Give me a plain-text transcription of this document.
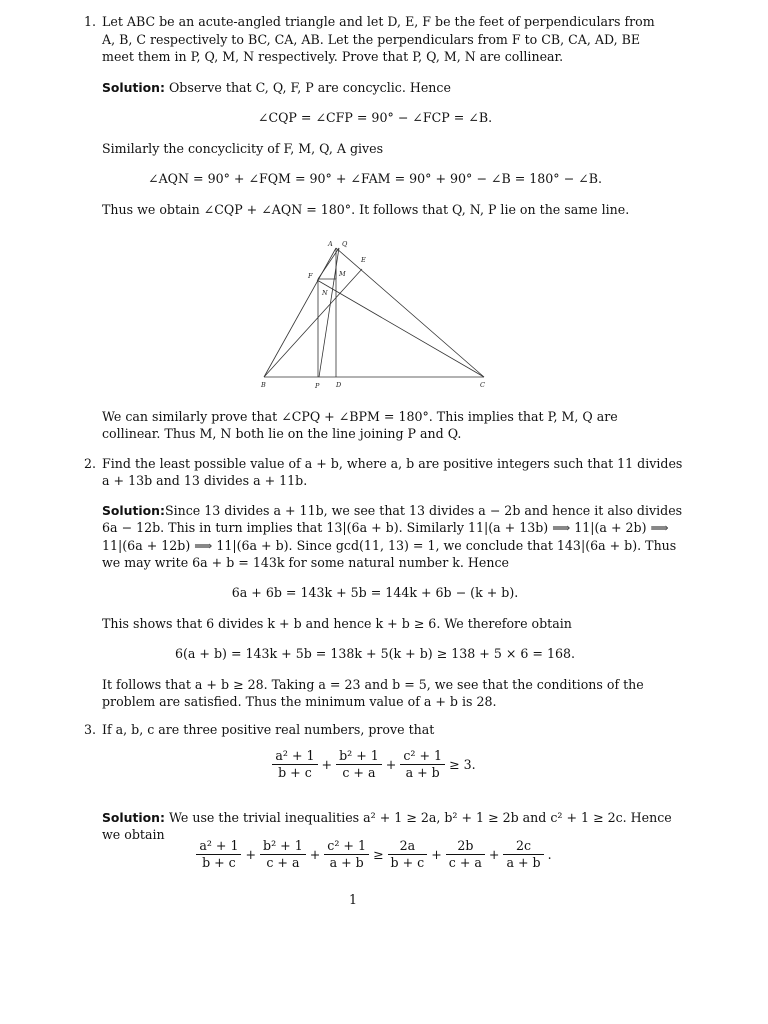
1. Let ABC be an acute-angled triangle and let D, E, F be the feet of perpendiculars from
A, B, C respectively to BC, CA, AB. Let the perpendiculars from F to CB, CA, AD, BE
meet them in P, Q, M, N respectively. Prove that P, Q, M, N are collinear.
Solution: Observe that C, Q, F, P are concyclic. Hence
∠CQP = ∠CFP = 90° − ∠FCP = ∠B.
Similarly the concyclicity of F, M, Q, A gives
∠AQN = 90° + ∠FQM = 90° + ∠FAM = 90° + 90° − ∠B = 180° − ∠B.
Thus we obtain ∠CQP + ∠AQN = 180°. It follows that Q, N, P lie on the same line.
A Q
E
F	M
N
B	P	D	C
We can similarly prove that ∠CPQ + ∠BPM = 180°. This implies that P, M, Q are
collinear. Thus M, N both lie on the line joining P and Q.
2. Find the least possible value of a + b, where a, b are positive integers such that 11 divides
a + 13b and 13 divides a + 11b.
Solution:Since 13 divides a + 11b, we see that 13 divides a − 2b and hence it also divides
6a − 12b. This in turn implies that 13|(6a + b). Similarly 11|(a + 13b) ⟹ 11|(a + 2b) ⟹
11|(6a + 12b) ⟹ 11|(6a + b). Since gcd(11, 13) = 1, we conclude that 143|(6a + b). Thus
we may write 6a + b = 143k for some natural number k. Hence
6a + 6b = 143k + 5b = 144k + 6b − (k + b).
This shows that 6 divides k + b and hence k + b ≥ 6. We therefore obtain
6(a + b) = 143k + 5b = 138k + 5(k + b) ≥ 138 + 5 × 6 = 168.
It follows that a + b ≥ 28. Taking a = 23 and b = 5, we see that the conditions of the
problem are satisfied. Thus the minimum value of a + b is 28.
3. If a, b, c are three positive real numbers, prove that
$\frac{\text{a² + 1}}{b + c} + \frac{\text{b² + 1}}{c + a} + \frac{\text{c² + 1}}{a + b} \ge 3$.
Solution: We use the trivial inequalities a² + 1 ≥ 2a, b² + 1 ≥ 2b and c² + 1 ≥ 2c. Hence
we obtain
$\frac{\text{a² + 1}}{b + c} + \frac{\text{b² + 1}}{c + a} + \frac{\text{c² + 1}}{a + b} \ge \frac{2a}{b + c} + \frac{2b}{c + a} + \frac{2c}{a + b}$ .
1
